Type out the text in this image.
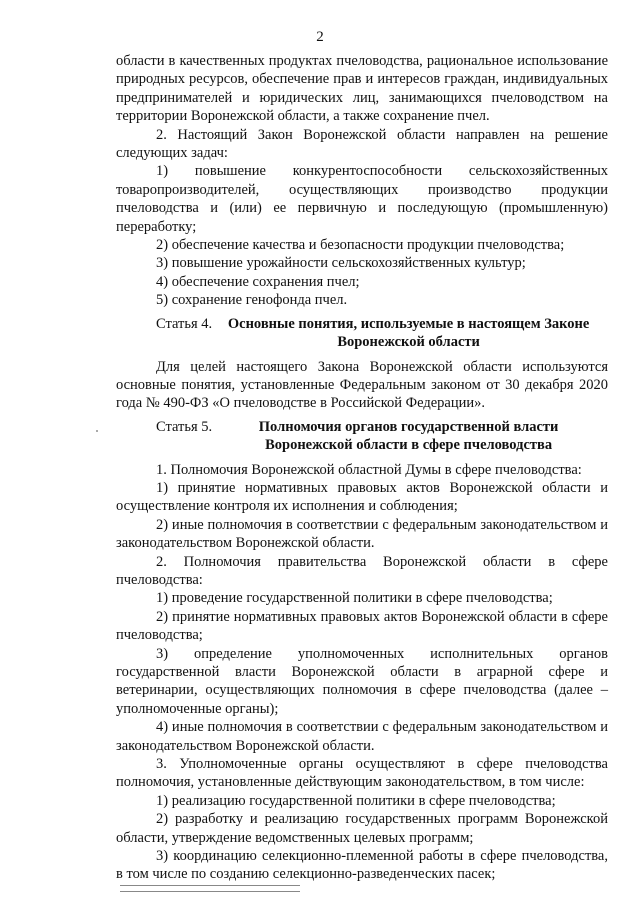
2

области в качественных продуктах пчеловодства, рациональное использование природных ресурсов, обеспечение прав и интересов граждан, индивидуальных предпринимателей и юридических лиц, занимающихся пчеловодством на территории Воронежской области, а также сохранение пчел.

2. Настоящий Закон Воронежской области направлен на решение следующих задач:

1) повышение конкурентоспособности сельскохозяйственных товаропроизводителей, осуществляющих производство продукции пчеловодства и (или) ее первичную и последующую (промышленную) переработку;

2) обеспечение качества и безопасности продукции пчеловодства;

3) повышение урожайности сельскохозяйственных культур;

4) обеспечение сохранения пчел;

5) сохранение генофонда пчел.

Статья 4.	Основные понятия, используемые в настоящем Законе Воронежской области

Для целей настоящего Закона Воронежской области используются основные понятия, установленные Федеральным законом от 30 декабря 2020 года № 490-ФЗ «О пчеловодстве в Российской Федерации».

Статья 5.	Полномочия органов государственной власти Воронежской области в сфере пчеловодства

1. Полномочия Воронежской областной Думы в сфере пчеловодства:

1) принятие нормативных правовых актов Воронежской области и осуществление контроля их исполнения и соблюдения;

2) иные полномочия в соответствии с федеральным законодательством и законодательством Воронежской области.

2. Полномочия правительства Воронежской области в сфере пчеловодства:

1) проведение государственной политики в сфере пчеловодства;

2) принятие нормативных правовых актов Воронежской области в сфере пчеловодства;

3) определение уполномоченных исполнительных органов государственной власти Воронежской области в аграрной сфере и ветеринарии, осуществляющих полномочия в сфере пчеловодства (далее – уполномоченные органы);

4) иные полномочия в соответствии с федеральным законодательством и законодательством Воронежской области.

3. Уполномоченные органы осуществляют в сфере пчеловодства полномочия, установленные действующим законодательством, в том числе:

1) реализацию государственной политики в сфере пчеловодства;

2) разработку и реализацию государственных программ Воронежской области, утверждение ведомственных целевых программ;

3) координацию селекционно-племенной работы в сфере пчеловодства, в том числе по созданию селекционно-разведенческих пасек;
